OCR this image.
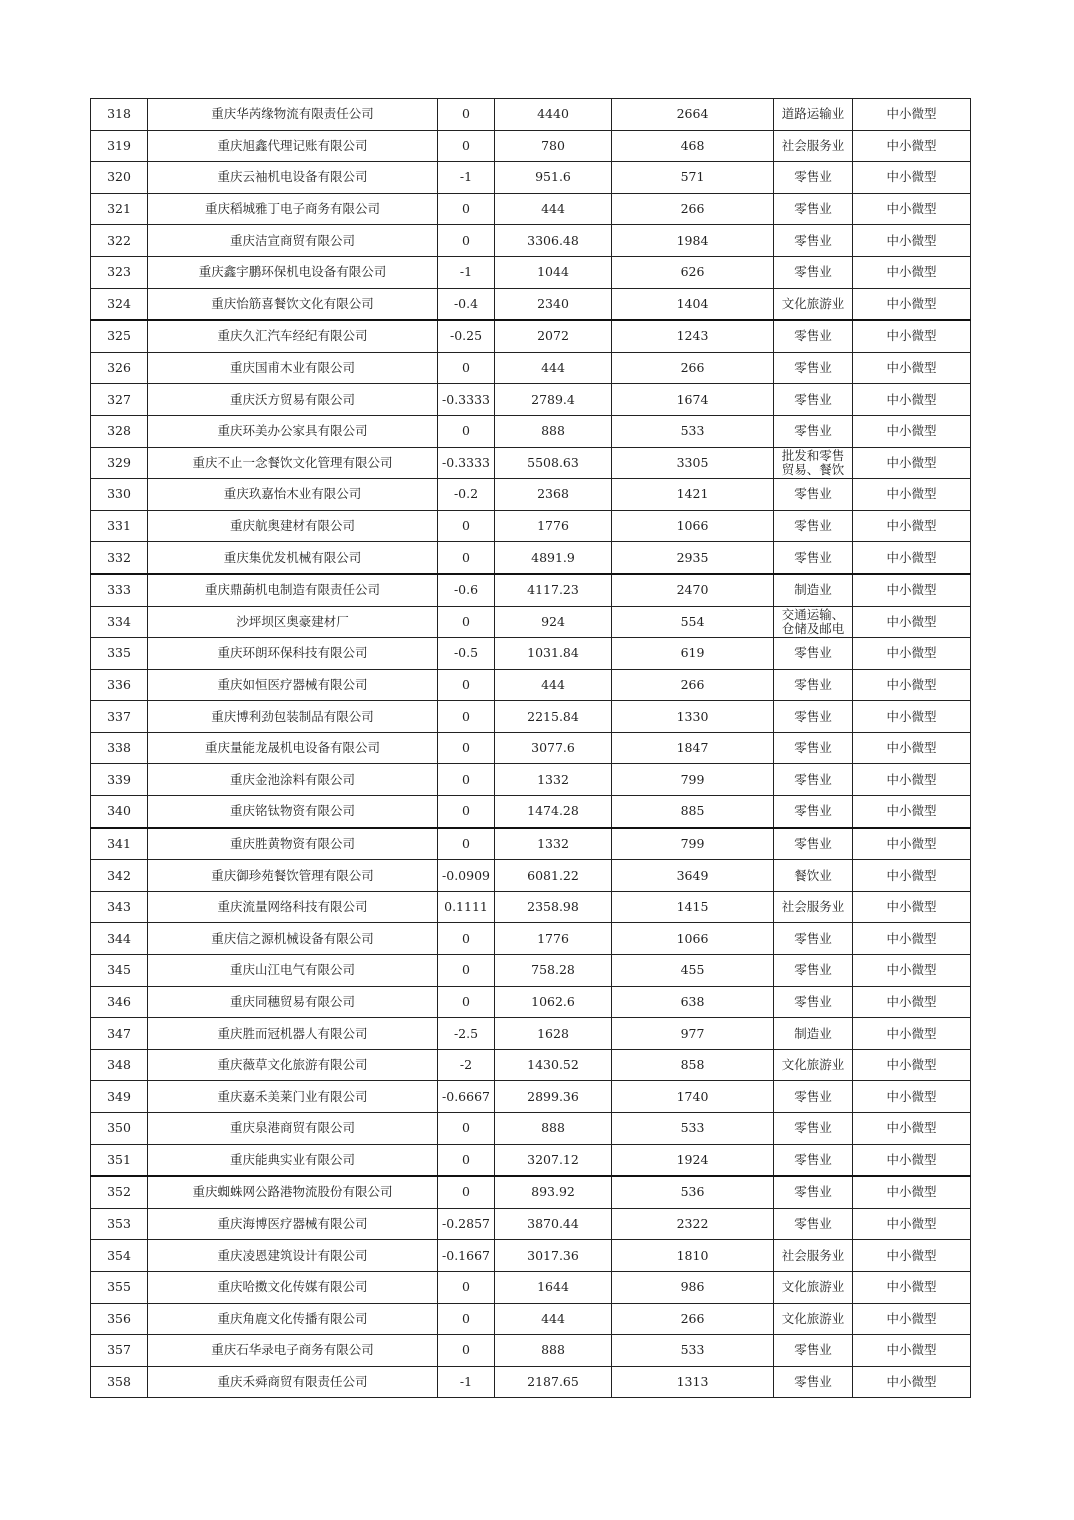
318	重庆华芮缘物流有限责任公司	0	4440	2664	道路运输业	中小微型
319	重庆旭鑫代理记账有限公司	0	780	468	社会服务业	中小微型
320	重庆云袖机电设备有限公司	-1	951.6	571	零售业	中小微型
321	重庆稻城雅丁电子商务有限公司	0	444	266	零售业	中小微型
322	重庆洁宣商贸有限公司	0	3306.48	1984	零售业	中小微型
323	重庆鑫宇鹏环保机电设备有限公司	-1	1044	626	零售业	中小微型
324	重庆怡筋喜餐饮文化有限公司	-0.4	2340	1404	文化旅游业	中小微型
325	重庆久汇汽车经纪有限公司	-0.25	2072	1243	零售业	中小微型
326	重庆国甫木业有限公司	0	444	266	零售业	中小微型
327	重庆沃方贸易有限公司	-0.3333	2789.4	1674	零售业	中小微型
328	重庆环美办公家具有限公司	0	888	533	零售业	中小微型
329	重庆不止一念餐饮文化管理有限公司	-0.3333	5508.63	3305	批发和零售贸易、餐饮	中小微型
330	重庆玖嘉怡木业有限公司	-0.2	2368	1421	零售业	中小微型
331	重庆航奥建材有限公司	0	1776	1066	零售业	中小微型
332	重庆集优发机械有限公司	0	4891.9	2935	零售业	中小微型
333	重庆鼎蓢机电制造有限责任公司	-0.6	4117.23	2470	制造业	中小微型
334	沙坪坝区奥豪建材厂	0	924	554	交通运输、仓储及邮电	中小微型
335	重庆环朗环保科技有限公司	-0.5	1031.84	619	零售业	中小微型
336	重庆如恒医疗器械有限公司	0	444	266	零售业	中小微型
337	重庆博利劲包装制品有限公司	0	2215.84	1330	零售业	中小微型
338	重庆量能龙晟机电设备有限公司	0	3077.6	1847	零售业	中小微型
339	重庆金池涂料有限公司	0	1332	799	零售业	中小微型
340	重庆铭钛物资有限公司	0	1474.28	885	零售业	中小微型
341	重庆胜黄物资有限公司	0	1332	799	零售业	中小微型
342	重庆御珍苑餐饮管理有限公司	-0.0909	6081.22	3649	餐饮业	中小微型
343	重庆流量网络科技有限公司	0.1111	2358.98	1415	社会服务业	中小微型
344	重庆信之源机械设备有限公司	0	1776	1066	零售业	中小微型
345	重庆山江电气有限公司	0	758.28	455	零售业	中小微型
346	重庆同穗贸易有限公司	0	1062.6	638	零售业	中小微型
347	重庆胜而冠机器人有限公司	-2.5	1628	977	制造业	中小微型
348	重庆薇草文化旅游有限公司	-2	1430.52	858	文化旅游业	中小微型
349	重庆嘉禾美莱门业有限公司	-0.6667	2899.36	1740	零售业	中小微型
350	重庆泉港商贸有限公司	0	888	533	零售业	中小微型
351	重庆能典实业有限公司	0	3207.12	1924	零售业	中小微型
352	重庆蜘蛛网公路港物流股份有限公司	0	893.92	536	零售业	中小微型
353	重庆海博医疗器械有限公司	-0.2857	3870.44	2322	零售业	中小微型
354	重庆凌恩建筑设计有限公司	-0.1667	3017.36	1810	社会服务业	中小微型
355	重庆哈擞文化传媒有限公司	0	1644	986	文化旅游业	中小微型
356	重庆角鹿文化传播有限公司	0	444	266	文化旅游业	中小微型
357	重庆石华录电子商务有限公司	0	888	533	零售业	中小微型
358	重庆禾舜商贸有限责任公司	-1	2187.65	1313	零售业	中小微型
